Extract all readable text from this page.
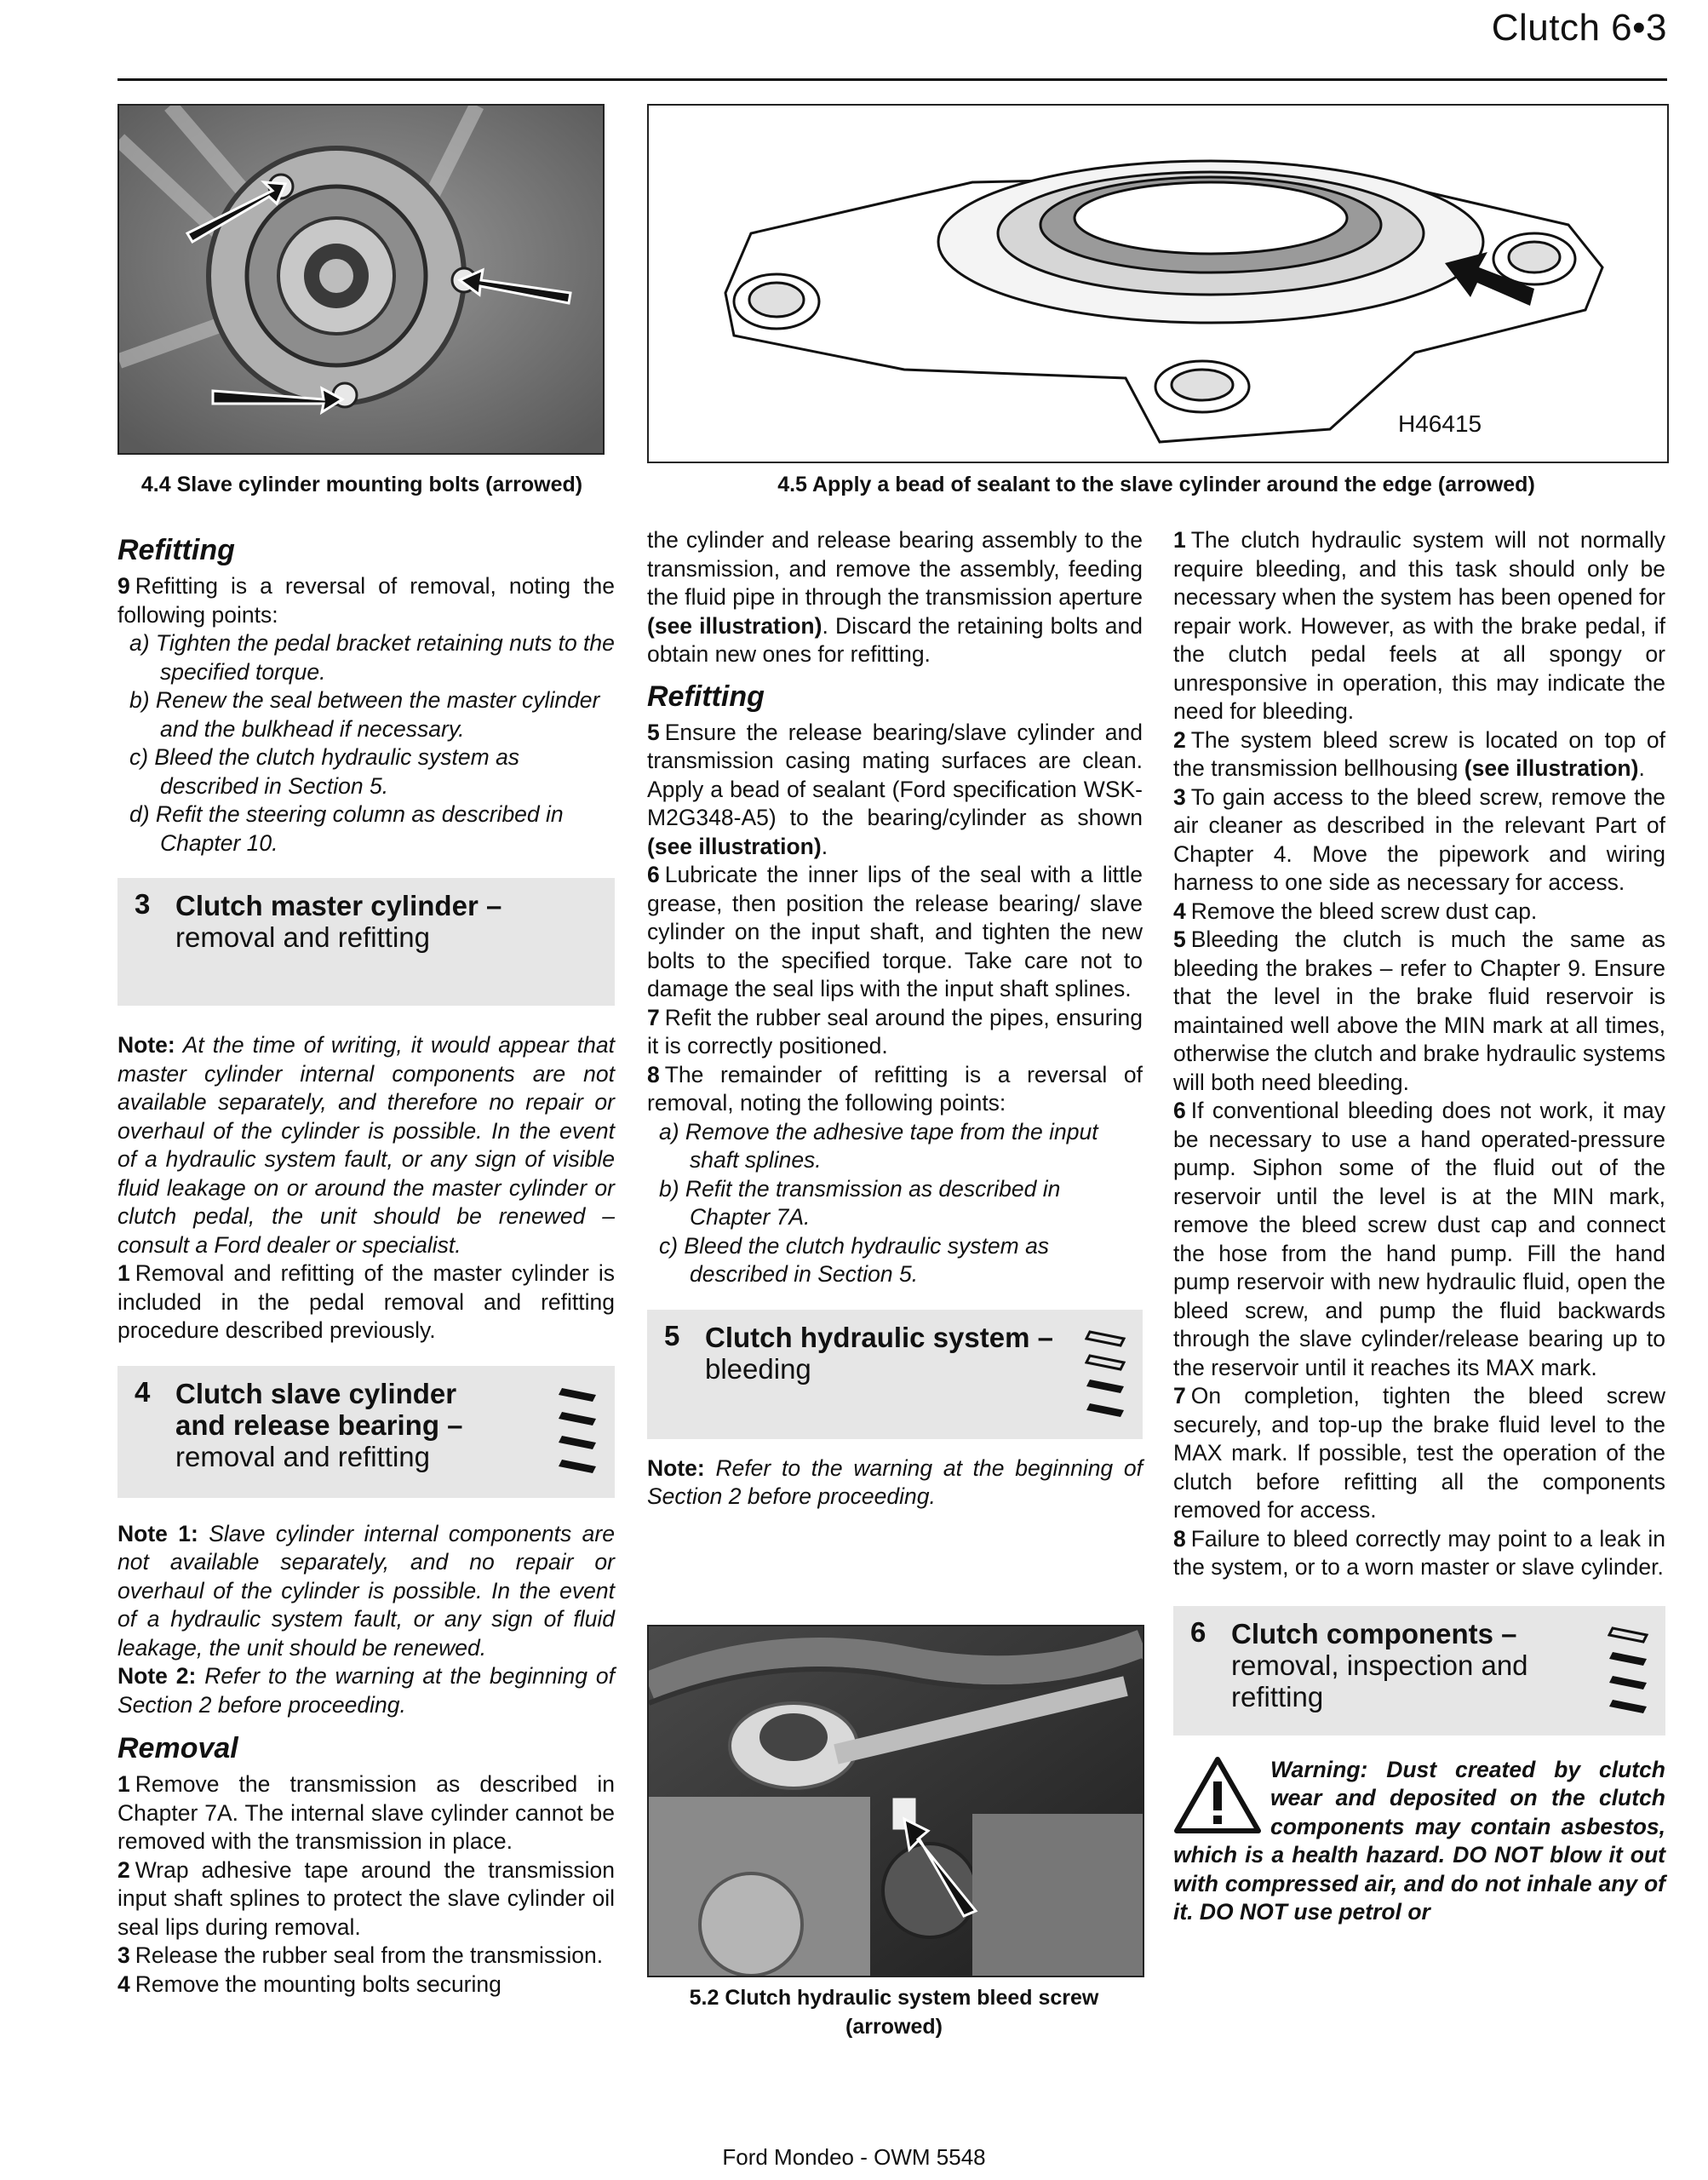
Clutch 6•3
4.4 Slave cylinder mounting bolts (arrowed)
H46415
4.5 Apply a bead of sealant to the slave cylinder around the edge (arrowed)
Refitting

9 Refitting is a reversal of removal, noting the following points:

a) Tighten the pedal bracket retaining nuts to the specified torque.
b) Renew the seal between the master cylinder and the bulkhead if necessary.
c) Bleed the clutch hydraulic system as described in Section 5.
d) Refit the steering column as described in Chapter 10.
3 Clutch master cylinder –
removal and refitting

Note: At the time of writing, it would appear that master cylinder internal components are not available separately, and therefore no repair or overhaul of the cylinder is possible. In the event of a hydraulic system fault, or any sign of visible fluid leakage on or around the master cylinder or clutch pedal, the unit should be renewed – consult a Ford dealer or specialist.

1 Removal and refitting of the master cylinder is included in the pedal removal and refitting procedure described previously.

4 Clutch slave cylinder and release bearing –
removal and refitting

Note 1: Slave cylinder internal components are not available separately, and no repair or overhaul of the cylinder is possible. In the event of a hydraulic system fault, or any sign of fluid leakage, the unit should be renewed.

Note 2: Refer to the warning at the beginning of Section 2 before proceeding.

Removal

1 Remove the transmission as described in Chapter 7A. The internal slave cylinder cannot be removed with the transmission in place.

2 Wrap adhesive tape around the transmission input shaft splines to protect the slave cylinder oil seal lips during removal.

3 Release the rubber seal from the transmission.

4 Remove the mounting bolts securing

the cylinder and release bearing assembly to the transmission, and remove the assembly, feeding the fluid pipe in through the transmission aperture (see illustration). Discard the retaining bolts and obtain new ones for refitting.

Refitting

5 Ensure the release bearing/slave cylinder and transmission casing mating surfaces are clean. Apply a bead of sealant (Ford specification WSK-M2G348-A5) to the bearing/cylinder as shown (see illustration).

6 Lubricate the inner lips of the seal with a little grease, then position the release bearing/ slave cylinder on the input shaft, and tighten the new bolts to the specified torque. Take care not to damage the seal lips with the input shaft splines.

7 Refit the rubber seal around the pipes, ensuring it is correctly positioned.

8 The remainder of refitting is a reversal of removal, noting the following points:

a) Remove the adhesive tape from the input shaft splines.
b) Refit the transmission as described in Chapter 7A.
c) Bleed the clutch hydraulic system as described in Section 5.
5 Clutch hydraulic system –
bleeding

Note: Refer to the warning at the beginning of Section 2 before proceeding.

5.2 Clutch hydraulic system bleed screw (arrowed)

1 The clutch hydraulic system will not normally require bleeding, and this task should only be necessary when the system has been opened for repair work. However, as with the brake pedal, if the clutch pedal feels at all spongy or unresponsive in operation, this may indicate the need for bleeding.

2 The system bleed screw is located on top of the transmission bellhousing (see illustration).

3 To gain access to the bleed screw, remove the air cleaner as described in the relevant Part of Chapter 4. Move the pipework and wiring harness to one side as necessary for access.

4 Remove the bleed screw dust cap.

5 Bleeding the clutch is much the same as bleeding the brakes – refer to Chapter 9. Ensure that the level in the brake fluid reservoir is maintained well above the MIN mark at all times, otherwise the clutch and brake hydraulic systems will both need bleeding.

6 If conventional bleeding does not work, it may be necessary to use a hand operated-pressure pump. Siphon some of the fluid out of the reservoir until the level is at the MIN mark, remove the bleed screw dust cap and connect the hose from the hand pump. Fill the hand pump reservoir with new hydraulic fluid, open the bleed screw, and pump the fluid backwards through the slave cylinder/release bearing up to the reservoir until it reaches its MAX mark.

7 On completion, tighten the bleed screw securely, and top-up the brake fluid level to the MAX mark. If possible, test the operation of the clutch before refitting all the components removed for access.

8 Failure to bleed correctly may point to a leak in the system, or to a worn master or slave cylinder.

6 Clutch components –
removal, inspection and refitting
Warning: Dust created by clutch wear and deposited on the clutch components may contain asbestos, which is a health hazard. DO NOT blow it out with compressed air, and do not inhale any of it. DO NOT use petrol or
Ford Mondeo - OWM 5548
